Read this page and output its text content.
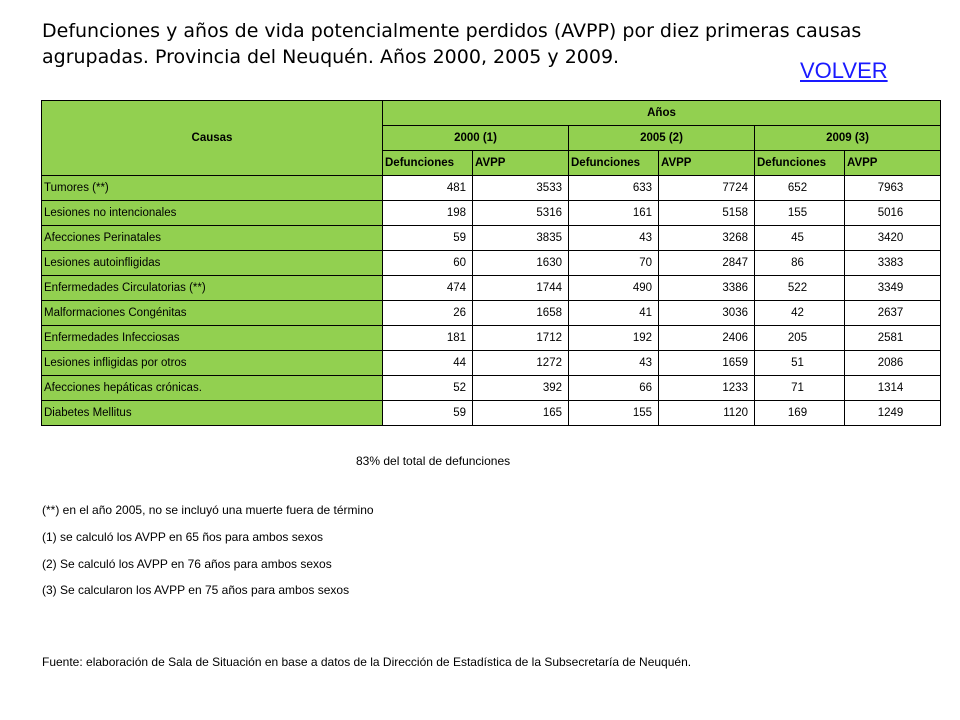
Defunciones y años de vida potencialmente perdidos (AVPP) por diez primeras causas agrupadas. Provincia del Neuquén. Años 2000, 2005 y 2009.
VOLVER
Causas	Años					
	2000 (1)		2005 (2)		2009 (3)	
	Defunciones	AVPP	Defunciones	AVPP	Defunciones	AVPP
Tumores (**)	481	3533	633	7724	652	7963
Lesiones no intencionales	198	5316	161	5158	155	5016
Afecciones Perinatales	59	3835	43	3268	45	3420
Lesiones autoinfligidas	60	1630	70	2847	86	3383
Enfermedades Circulatorias (**)	474	1744	490	3386	522	3349
Malformaciones Congénitas	26	1658	41	3036	42	2637
Enfermedades Infecciosas	181	1712	192	2406	205	2581
Lesiones infligidas por otros	44	1272	43	1659	51	2086
Afecciones hepáticas crónicas.	52	392	66	1233	71	1314
Diabetes Mellitus	59	165	155	1120	169	1249
83% del total de defunciones
(**) en el año 2005, no se incluyó una muerte fuera de término
(1) se calculó los AVPP en 65 ños para ambos sexos
(2) Se calculó los AVPP en 76 años para ambos sexos
(3) Se calcularon los AVPP en 75 años para ambos sexos
Fuente: elaboración de Sala de Situación en base a datos de la Dirección de Estadística de la Subsecretaría de Neuquén.
